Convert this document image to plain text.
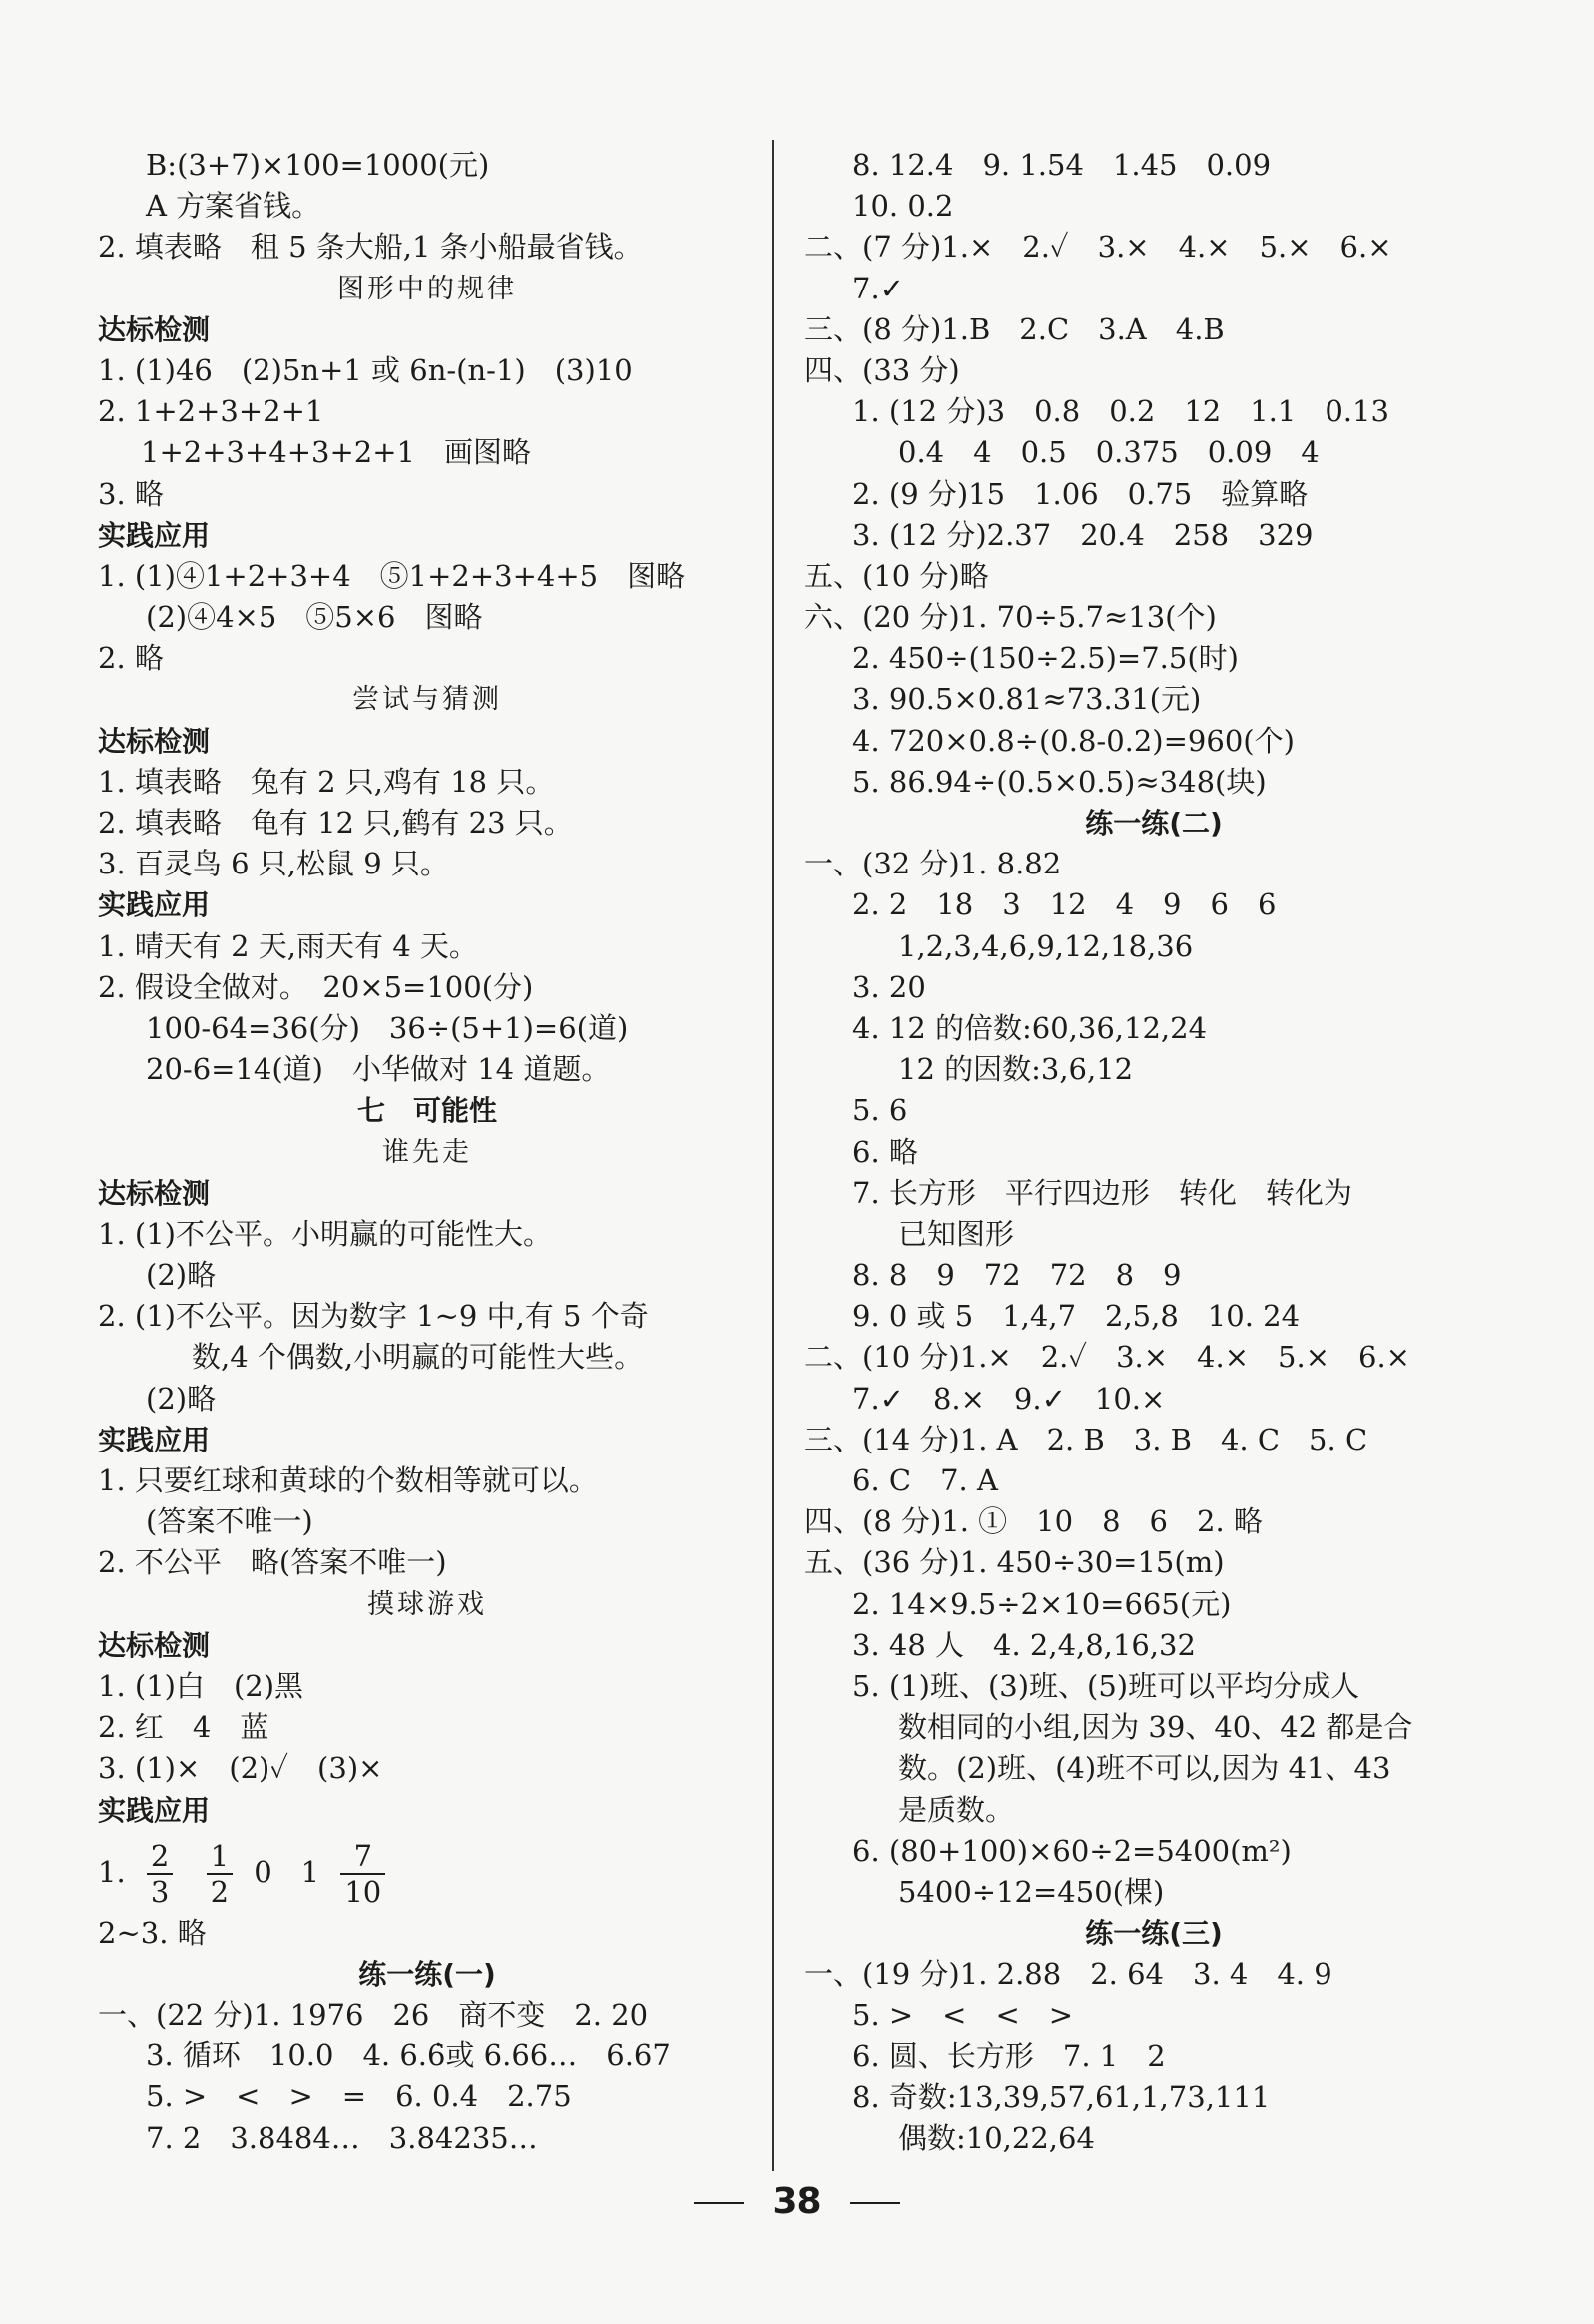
B:(3+7)×100=1000(元)
A 方案省钱。
2. 填表略　租 5 条大船,1 条小船最省钱。
图形中的规律
达标检测
1. (1)46　(2)5n+1 或 6n-(n-1)　(3)10
2. 1+2+3+2+1
1+2+3+4+3+2+1　画图略
3. 略
实践应用
1. (1)④1+2+3+4　⑤1+2+3+4+5　图略
(2)④4×5　⑤5×6　图略
2. 略
尝试与猜测
达标检测
1. 填表略　兔有 2 只,鸡有 18 只。
2. 填表略　龟有 12 只,鹤有 23 只。
3. 百灵鸟 6 只,松鼠 9 只。
实践应用
1. 晴天有 2 天,雨天有 4 天。
2. 假设全做对。　20×5=100(分)
100-64=36(分)　36÷(5+1)=6(道)
20-6=14(道)　小华做对 14 道题。
七　可能性
谁先走
达标检测
1. (1)不公平。小明赢的可能性大。
(2)略
2. (1)不公平。因为数字 1~9 中,有 5 个奇
数,4 个偶数,小明赢的可能性大些。
(2)略
实践应用
1. 只要红球和黄球的个数相等就可以。
(答案不唯一)
2. 不公平　略(答案不唯一)
摸球游戏
达标检测
1. (1)白　(2)黑
2. 红　4　蓝
3. (1)×　(2)✓　(3)×
实践应用
1. $\frac{2}{3}$
$\frac{1}{2} 0$　$1 \frac{7}{10}$
2~3. 略
练一练(一)
一、(22 分)1. 1976　26　商不变　2. 20
3. 循环　10.0　4. 6.6̇或 6.66…　6.67
5. >　<　>　=　6. 0.4　2.75
7. 2　3.8484…　3.84235…
8. 12.4　9. 1.54　1.45　0.09
10. 0.2
二、(7 分)1.×　2.✓　3.×　4.×　5.×　6.×
7.✓
三、(8 分)1.B　2.C　3.A　4.B
四、(33 分)
1. (12 分)3　0.8　0.2　12　1.1　0.13
0.4　4　0.5　0.375　0.09　4
2. (9 分)15　1.06　0.75　验算略
3. (12 分)2.37　20.4　258　329
五、(10 分)略
六、(20 分)1. 70÷5.7≈13(个)
2. 450÷(150÷2.5)=7.5(时)
3. 90.5×0.81≈73.31(元)
4. 720×0.8÷(0.8-0.2)=960(个)
5. 86.94÷(0.5×0.5)≈348(块)
练一练(二)
一、(32 分)1. 8.82
2. 2　18　3　12　4　9　6　6
1,2,3,4,6,9,12,18,36
3. 20
4. 12 的倍数:60,36,12,24
12 的因数:3,6,12
5. 6
6. 略
7. 长方形　平行四边形　转化　转化为
已知图形
8. 8　9　72　72　8　9
9. 0 或 5　1,4,7　2,5,8　10. 24
二、(10 分)1.×　2.✓　3.×　4.×　5.×　6.×
7.✓　8.×　9.✓　10.×
三、(14 分)1. A　2. B　3. B　4. C　5. C
6. C　7. A
四、(8 分)1. ①　10　8　6　2. 略
五、(36 分)1. 450÷30=15(m)
2. 14×9.5÷2×10=665(元)
3. 48 人　4. 2,4,8,16,32
5. (1)班、(3)班、(5)班可以平均分成人
数相同的小组,因为 39、40、42 都是合
数。(2)班、(4)班不可以,因为 41、43
是质数。
6. (80+100)×60÷2=5400(m²)
5400÷12=450(棵)
练一练(三)
一、(19 分)1. 2.88　2. 64　3. 4　4. 9
5. >　<　<　>
6. 圆、长方形　7. 1　2
8. 奇数:13,39,57,61,1,73,111
偶数:10,22,64
38
